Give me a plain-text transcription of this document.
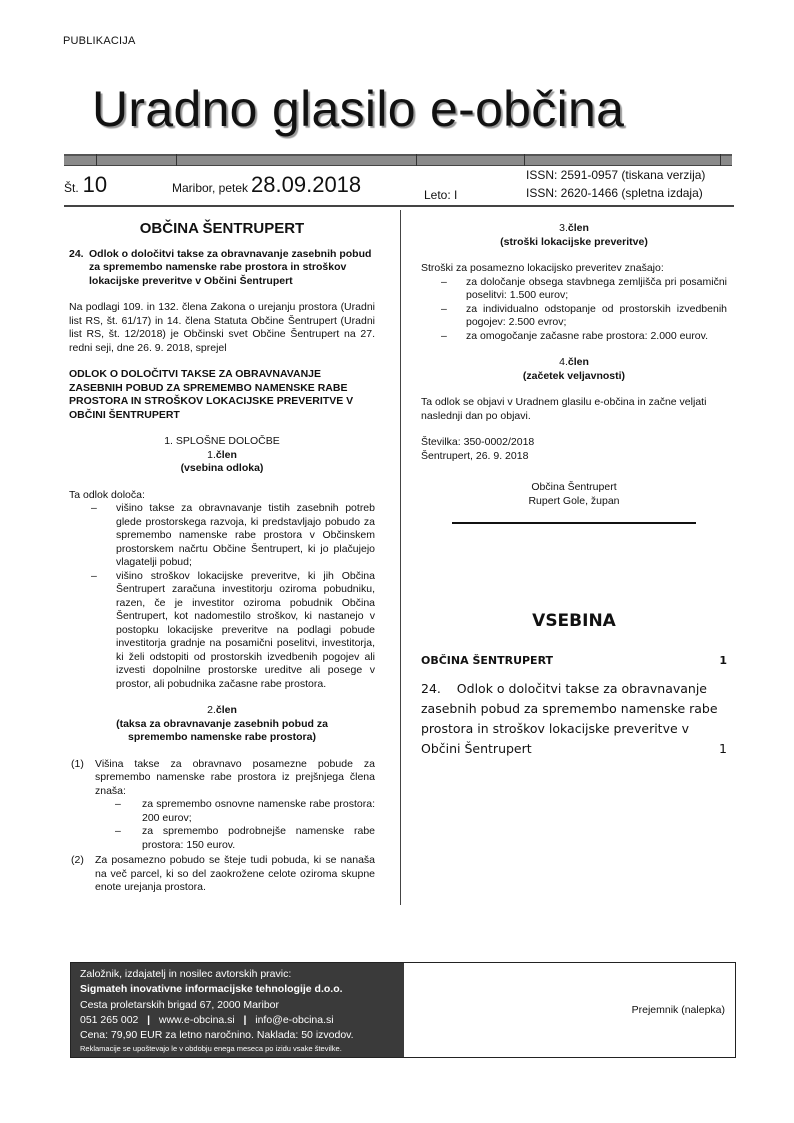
PUBLIKACIJA
Uradno glasilo e-občina
Št. 10	Maribor, petek 28.09.2018	Leto: I
ISSN: 2591-0957 (tiskana verzija)
ISSN: 2620-1466 (spletna izdaja)
OBČINA ŠENTRUPERT
24. Odlok o določitvi takse za obravnavanje zasebnih pobud za spremembo namenske rabe prostora in stroškov lokacijske preveritve v Občini Šentrupert

Na podlagi 109. in 132. člena Zakona o urejanju prostora (Uradni list RS, št. 61/17) in 14. člena Statuta Občine Šentrupert (Uradni list RS, št. 12/2018) je Občinski svet Občine Šentrupert na 27. redni seji, dne 26. 9. 2018, sprejel

ODLOK O DOLOČITVI TAKSE ZA OBRAVNAVANJE ZASEBNIH POBUD ZA SPREMEMBO NAMENSKE RABE PROSTORA IN STROŠKOV LOKACIJSKE PREVERITVE V OBČINI ŠENTRUPERT

1. SPLOŠNE DOLOČBE
1.člen
(vsebina odloka)

Ta odlok določa:

–	višino takse za obravnavanje tistih zasebnih potreb glede prostorskega razvoja, ki predstavljajo pobudo za spremembo namenske rabe prostora v Občinskem prostorskem načrtu Občine Šentrupert, ki jo plačujejo vlagatelji pobud;
–	višino stroškov lokacijske preveritve, ki jih Občina Šentrupert zaračuna investitorju oziroma pobudniku, razen, če je investitor oziroma pobudnik Občina Šentrupert, kot nadomestilo stroškov, ki nastanejo v postopku lokacijske preveritve na podlagi pobude investitorja gradnje na posamični poselitvi, investitorja, ki želi odstopiti od prostorskih izvedbenih pogojev ali izvesti dopolnilne prostorske ureditve ali posege v prostor, ali pobudnika začasne rabe prostora.
2.člen
(taksa za obravnavanje zasebnih pobud za spremembo namenske rabe prostora)
(1)	Višina takse za obravnavo posamezne pobude za spremembo namenske rabe prostora iz prejšnjega člena znaša:
–	za spremembo osnovne namenske rabe prostora: 200 eurov;
–	za spremembo podrobnejše namenske rabe prostora: 150 eurov.
(2)	Za posamezno pobudo se šteje tudi pobuda, ki se nanaša na več parcel, ki so del zaokrožene celote oziroma skupne enote urejanja prostora.
3.člen
(stroški lokacijske preveritve)

Stroški za posamezno lokacijsko preveritev znašajo:

–	za določanje obsega stavbnega zemljišča pri posamični poselitvi: 1.500 eurov;
–	za individualno odstopanje od prostorskih izvedbenih pogojev: 2.500 evrov;
–	za omogočanje začasne rabe prostora: 2.000 eurov.
4.člen
(začetek veljavnosti)

Ta odlok se objavi v Uradnem glasilu e-občina in začne veljati naslednji dan po objavi.

Številka: 350-0002/2018
Šentrupert, 26. 9. 2018
Občina Šentrupert
Rupert Gole, župan
VSEBINA
OBČINA ŠENTRUPERT	1
24. Odlok o določitvi takse za obravnavanje zasebnih pobud za spremembo namenske rabe prostora in stroškov lokacijske preveritve v Občini Šentrupert	1
Založnik, izdajatelj in nosilec avtorskih pravic:
Sigmateh inovativne informacijske tehnologije d.o.o.
Cesta proletarskih brigad 67, 2000 Maribor
051 265 002 | www.e-obcina.si | info@e-obcina.si
Cena: 79,90 EUR za letno naročnino. Naklada: 50 izvodov.
Reklamacije se upoštevajo le v obdobju enega meseca po izidu vsake številke.
Prejemnik (nalepka)
